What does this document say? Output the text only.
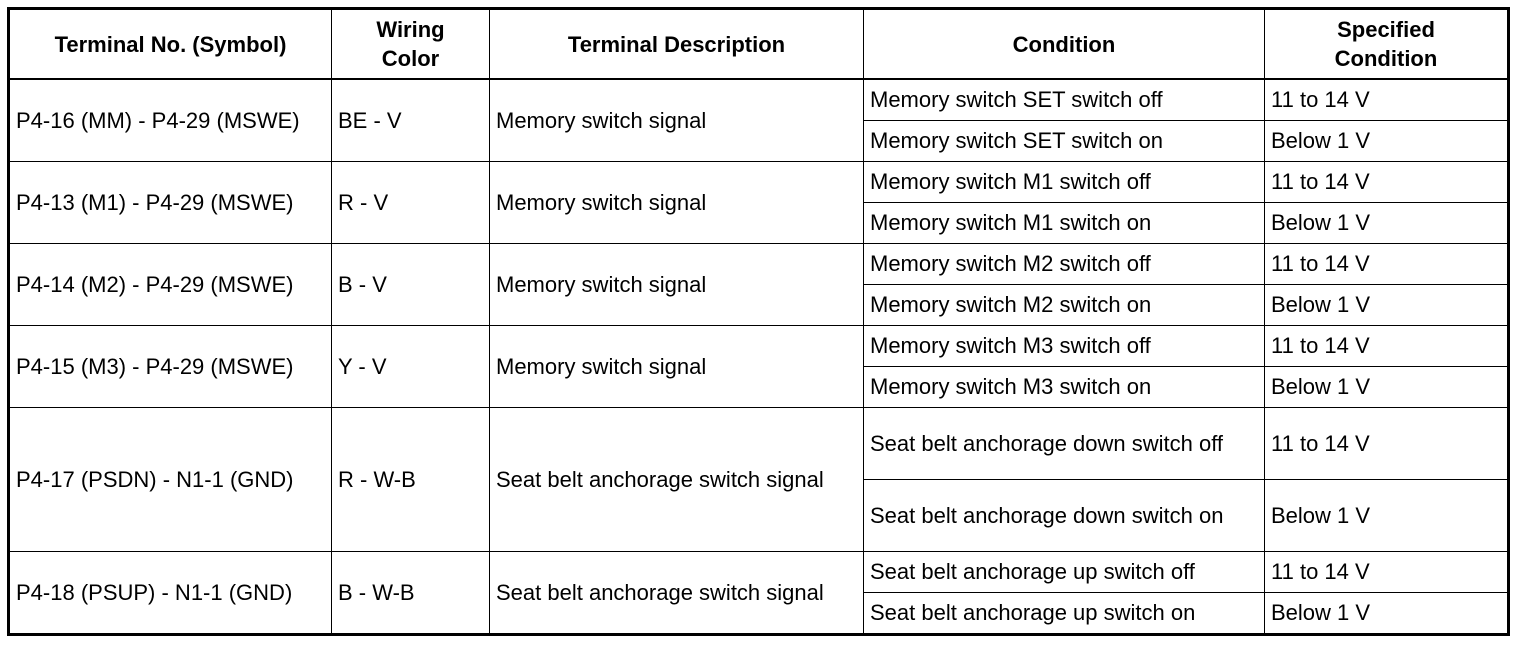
Terminal No. (Symbol)	Wiring Color	Terminal Description	Condition	Specified Condition
P4-16 (MM) - P4-29 (MSWE)	BE - V	Memory switch signal	Memory switch SET switch off	11 to 14 V
			Memory switch SET switch on	Below 1 V
P4-13 (M1) - P4-29 (MSWE)	R - V	Memory switch signal	Memory switch M1 switch off	11 to 14 V
			Memory switch M1 switch on	Below 1 V
P4-14 (M2) - P4-29 (MSWE)	B - V	Memory switch signal	Memory switch M2 switch off	11 to 14 V
			Memory switch M2 switch on	Below 1 V
P4-15 (M3) - P4-29 (MSWE)	Y - V	Memory switch signal	Memory switch M3 switch off	11 to 14 V
			Memory switch M3 switch on	Below 1 V
P4-17 (PSDN) - N1-1 (GND)	R - W-B	Seat belt anchorage switch signal	Seat belt anchorage down switch off	11 to 14 V
			Seat belt anchorage down switch on	Below 1 V
P4-18 (PSUP) - N1-1 (GND)	B - W-B	Seat belt anchorage switch signal	Seat belt anchorage up switch off	11 to 14 V
			Seat belt anchorage up switch on	Below 1 V
